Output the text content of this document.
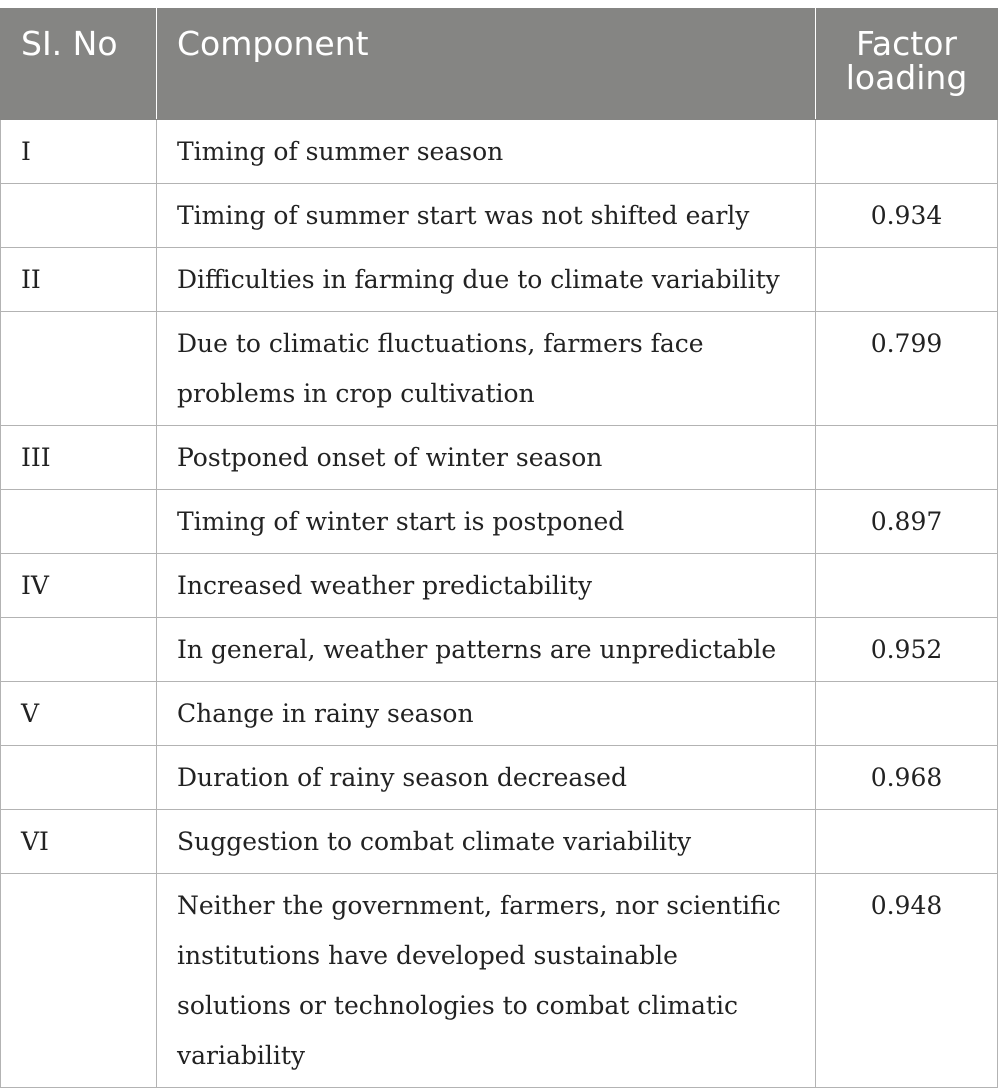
SI. No	Component	Factor loading
I	Timing of summer season	
	Timing of summer start was not shifted early	0.934
II	Difficulties in farming due to climate variability	
	Due to climatic fluctuations, farmers face problems in crop cultivation	0.799
III	Postponed onset of winter season	
	Timing of winter start is postponed	0.897
IV	Increased weather predictability	
	In general, weather patterns are unpredictable	0.952
V	Change in rainy season	
	Duration of rainy season decreased	0.968
VI	Suggestion to combat climate variability	
	Neither the government, farmers, nor scientific institutions have developed sustainable solutions or technologies to combat climatic variability	0.948
